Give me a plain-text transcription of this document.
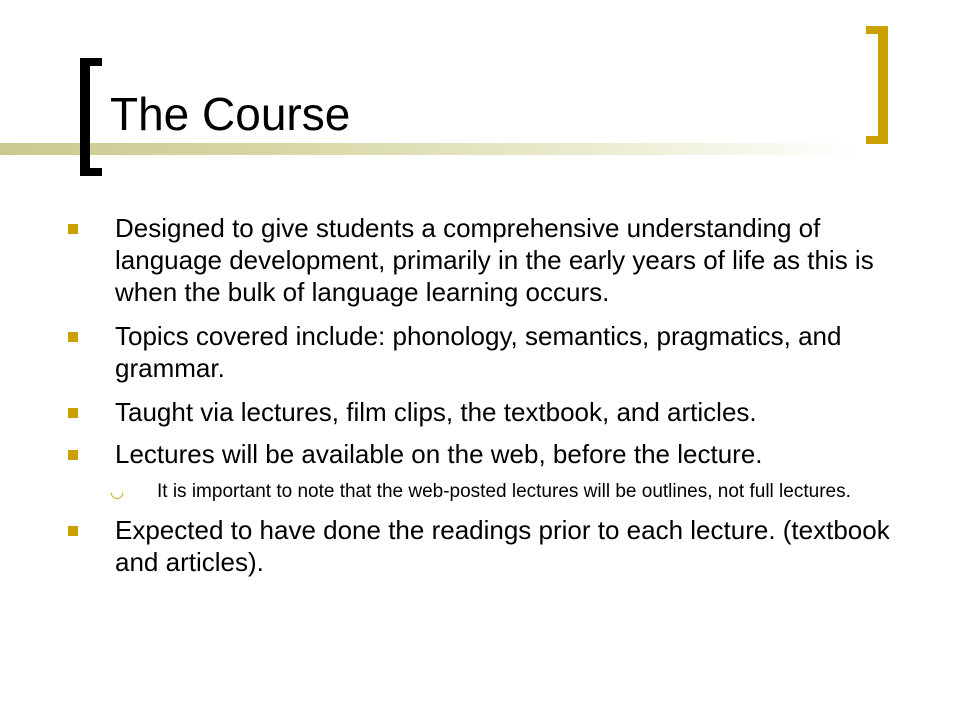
The Course
Designed to give students a comprehensive understanding of language development, primarily in the early years of life as this is when the bulk of language learning occurs.
Topics covered include: phonology, semantics, pragmatics, and grammar.
Taught via lectures, film clips, the textbook, and articles.
Lectures will be available on the web, before the lecture.
◡ It is important to note that the web-posted lectures will be outlines, not full lectures.
Expected to have done the readings prior to each lecture. (textbook and articles).
